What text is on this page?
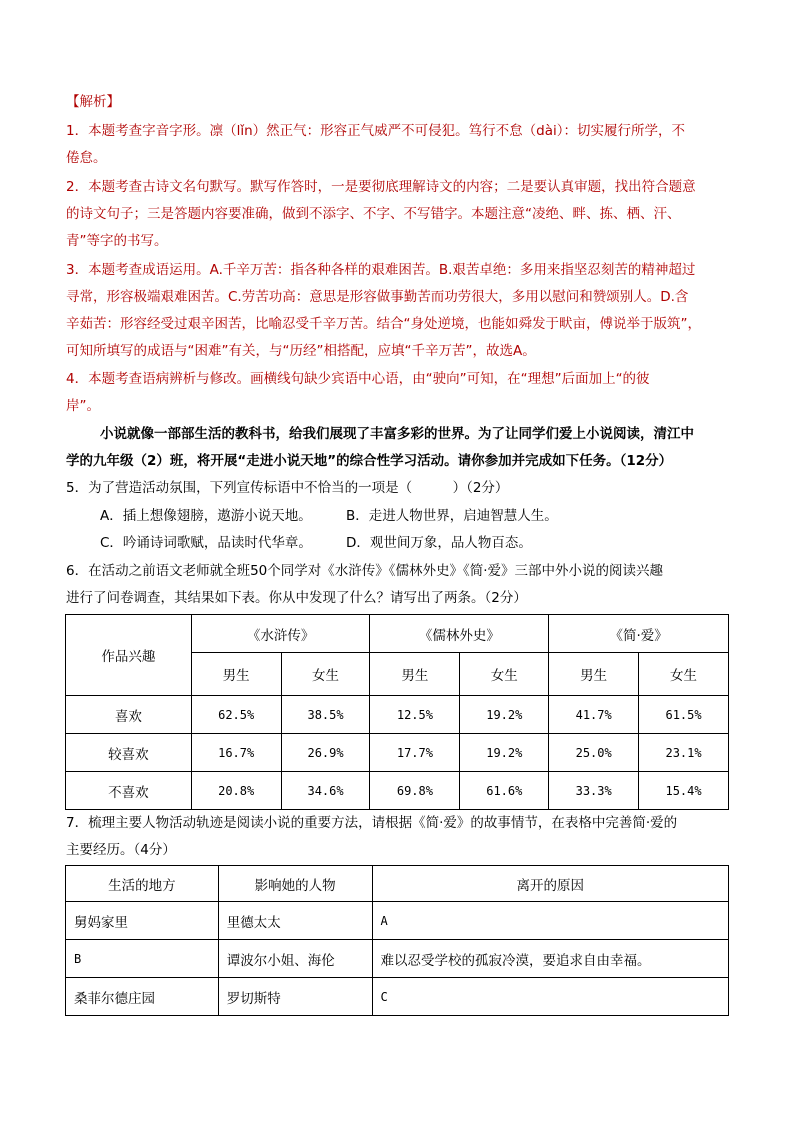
【解析】
1．本题考查字音字形。凛（lǐn）然正气：形容正气威严不可侵犯。笃行不怠（dài）：切实履行所学，不
倦怠。
2．本题考查古诗文名句默写。默写作答时，一是要彻底理解诗文的内容；二是要认真审题，找出符合题意
的诗文句子；三是答题内容要准确，做到不添字、不字、不写错字。本题注意“凌绝、畔、拣、栖、汗、
青”等字的书写。
3．本题考查成语运用。A.千辛万苦：指各种各样的艰难困苦。B.艰苦卓绝：多用来指坚忍刻苦的精神超过
寻常，形容极端艰难困苦。C.劳苦功高：意思是形容做事勤苦而功劳很大，多用以慰问和赞颂别人。D.含
辛茹苦：形容经受过艰辛困苦，比喻忍受千辛万苦。结合“身处逆境，也能如舜发于畎亩，傅说举于版筑”，
可知所填写的成语与“困难”有关，与“历经”相搭配，应填“千辛万苦”，故选A。
4．本题考查语病辨析与修改。画横线句缺少宾语中心语，由“驶向”可知，在“理想”后面加上“的彼
岸”。
小说就像一部部生活的教科书，给我们展现了丰富多彩的世界。为了让同学们爱上小说阅读，清江中
学的九年级（2）班，将开展“走进小说天地”的综合性学习活动。请你参加并完成如下任务。（12分）
5．为了营造活动氛围，下列宣传标语中不恰当的一项是（　　　）（2分）
A．插上想像翅膀，遨游小说天地。	B．走进人物世界，启迪智慧人生。
C．吟诵诗词歌赋，品读时代华章。	D．观世间万象，品人物百态。
6．在活动之前语文老师就全班50个同学对《水浒传》《儒林外史》《简·爱》三部中外小说的阅读兴趣
进行了问卷调查，其结果如下表。你从中发现了什么？请写出了两条。（2分）
作品兴趣	《水浒传》		《儒林外史》		《简·爱》	
	男生	女生	男生	女生	男生	女生
喜欢	62.5%	38.5%	12.5%	19.2%	41.7%	61.5%
较喜欢	16.7%	26.9%	17.7%	19.2%	25.0%	23.1%
不喜欢	20.8%	34.6%	69.8%	61.6%	33.3%	15.4%
7．梳理主要人物活动轨迹是阅读小说的重要方法，请根据《简·爱》的故事情节，在表格中完善简·爱的
主要经历。（4分）
生活的地方	影响她的人物	离开的原因
舅妈家里	里德太太	A
B	谭波尔小姐、海伦	难以忍受学校的孤寂冷漠，要追求自由幸福。
桑菲尔德庄园	罗切斯特	C
